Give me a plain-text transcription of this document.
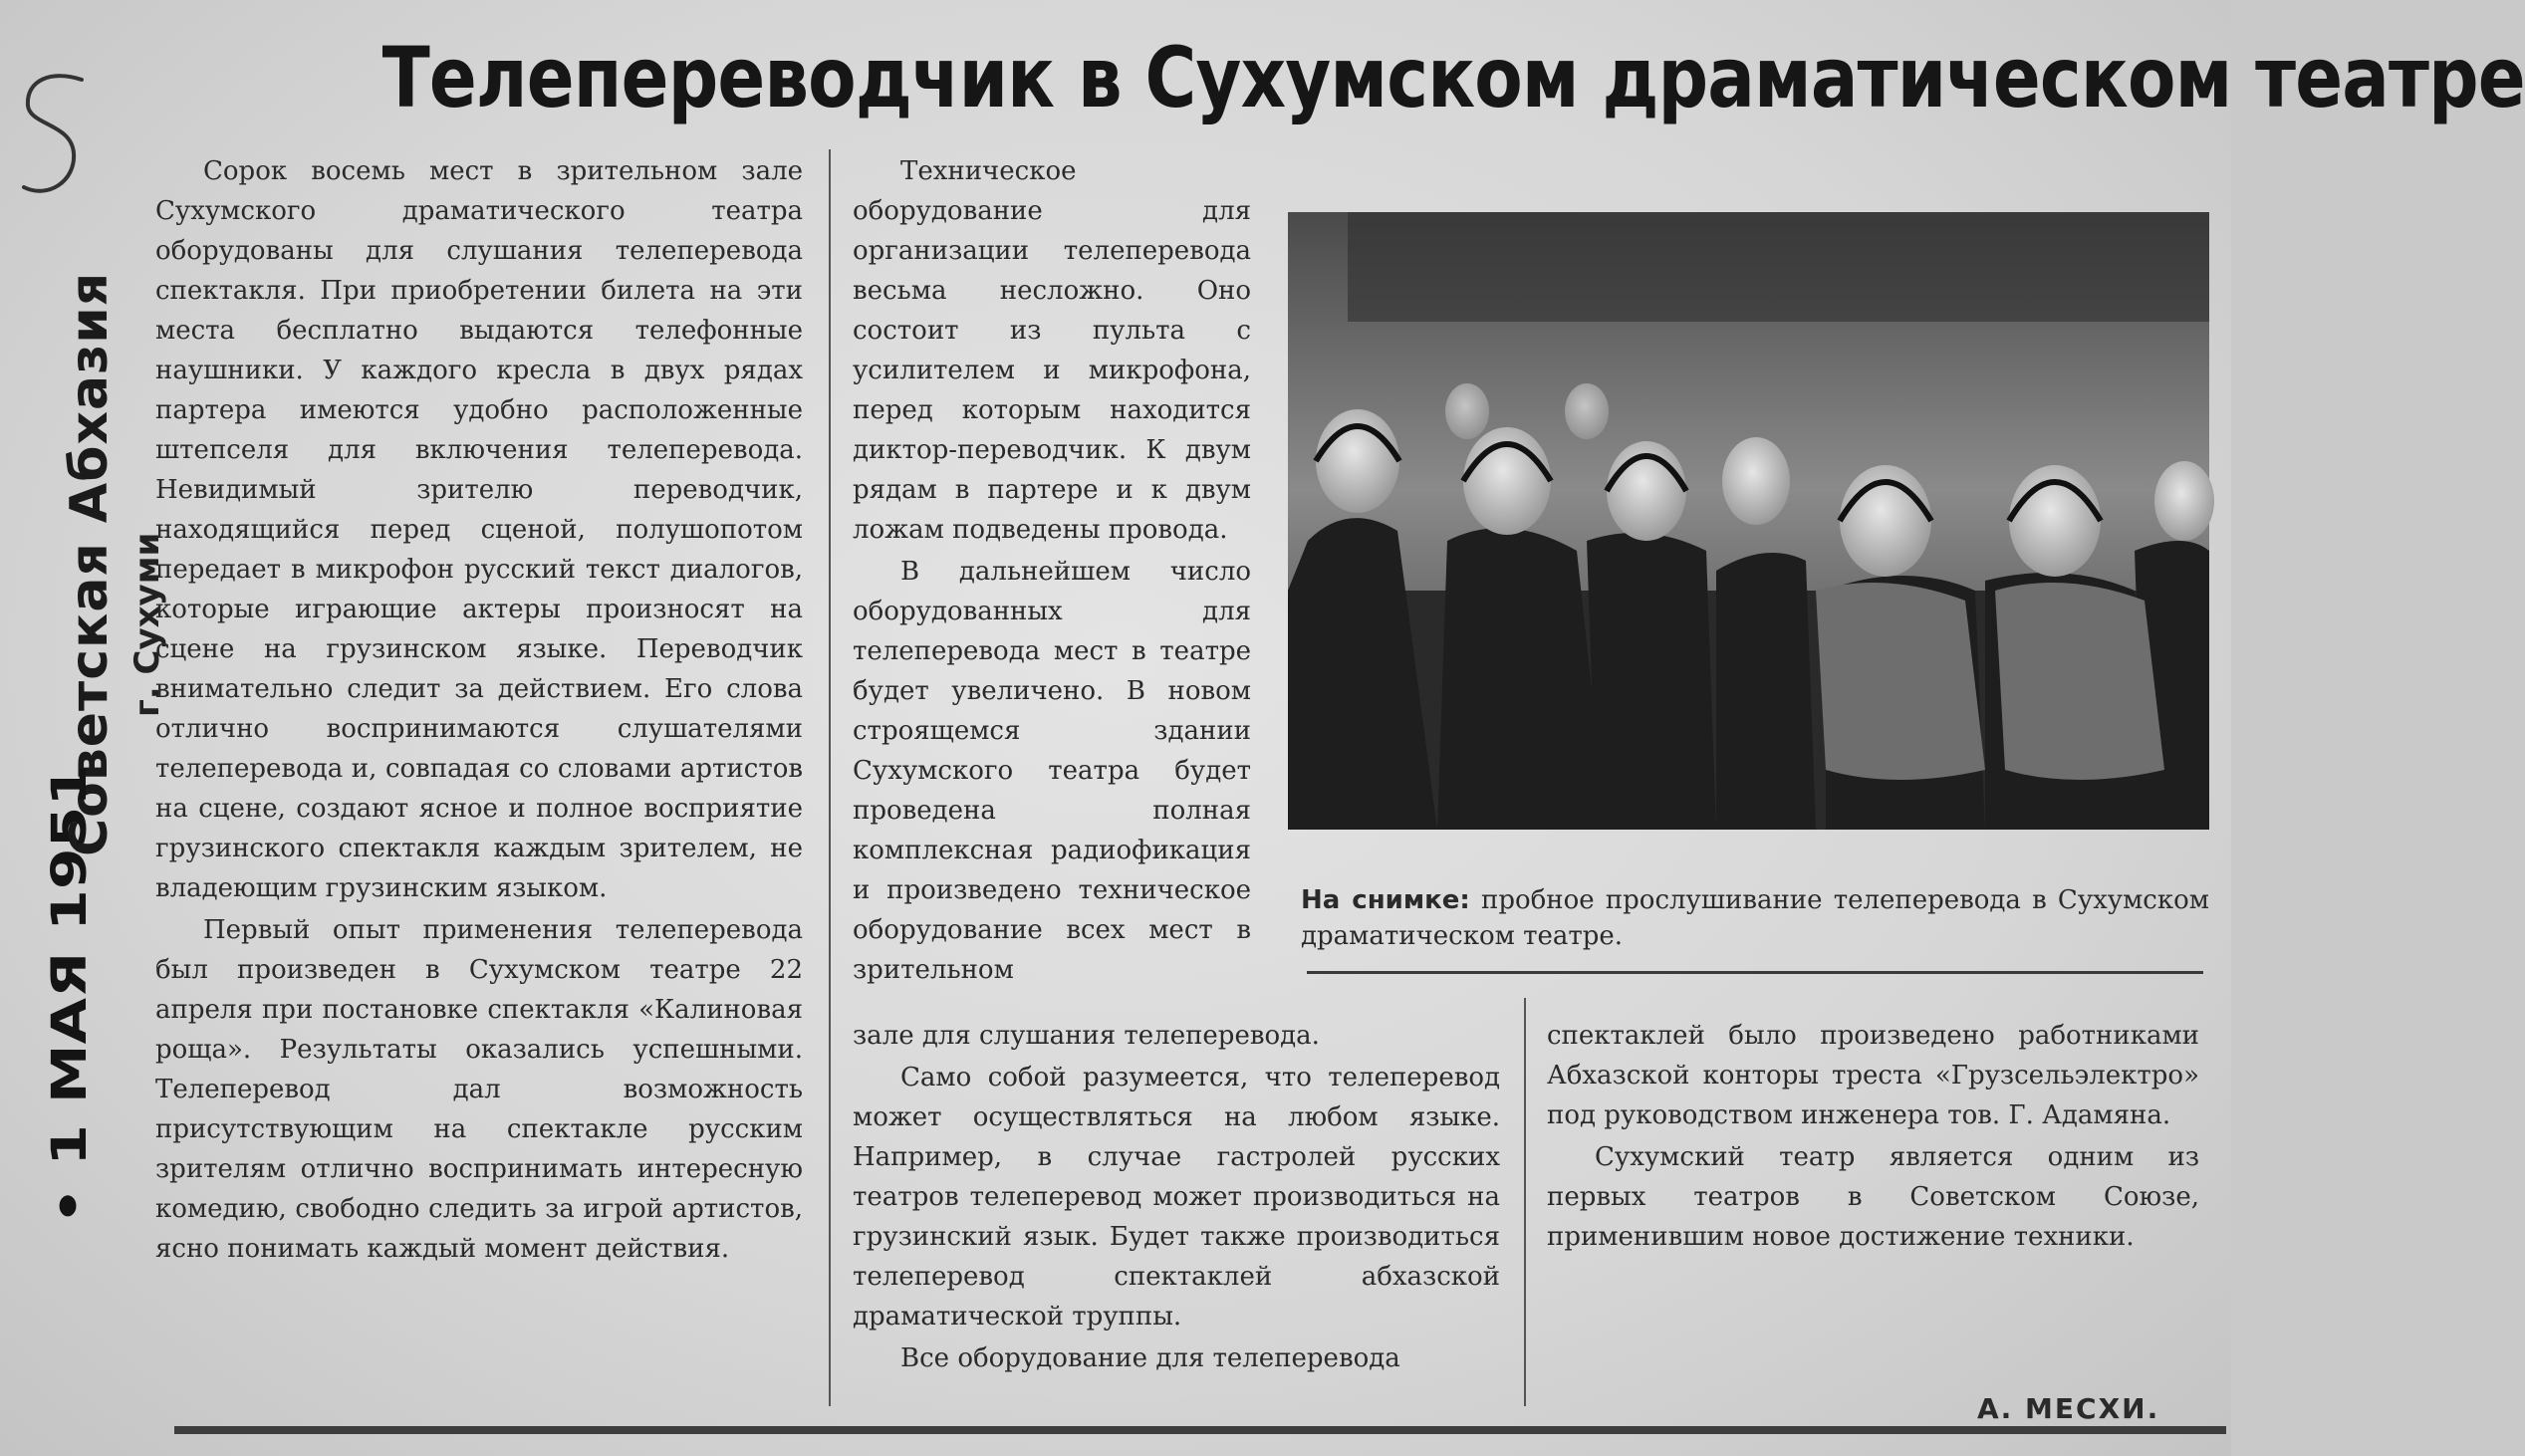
Советская Абхазия
• 1 МАЯ 1951
г. Сухуми
Телепереводчик в Сухумском драматическом театре

Сорок восемь мест в зрительном зале Сухумского драматического театра оборудованы для слушания телеперевода спектакля. При приобретении билета на эти места бесплатно выдаются телефонные наушники. У каждого кресла в двух рядах партера имеются удобно расположенные штепселя для включения телеперевода. Невидимый зрителю переводчик, находящийся перед сценой, полушопотом передает в микрофон русский текст диалогов, которые играющие актеры произносят на сцене на грузинском языке. Переводчик внимательно следит за действием. Его слова отлично воспринимаются слушателями телеперевода и, совпадая со словами артистов на сцене, создают ясное и полное восприятие грузинского спектакля каждым зрителем, не владеющим грузинским языком.

Первый опыт применения телеперевода был произведен в Сухумском театре 22 апреля при постановке спектакля «Калиновая роща». Результаты оказались успешными. Телеперевод дал возможность присутствующим на спектакле русским зрителям отлично воспринимать интересную комедию, свободно следить за игрой артистов, ясно понимать каждый момент действия.

Техническое оборудование для организации телеперевода весьма несложно. Оно состоит из пульта с усилителем и микрофона, перед которым находится диктор-переводчик. К двум рядам в партере и к двум ложам подведены провода.

В дальнейшем число оборудованных для телеперевода мест в театре будет увеличено. В новом строящемся здании Сухумского театра будет проведена полная комплексная радиофикация и произведено техническое оборудование всех мест в зрительном

На снимке: пробное прослушивание телеперевода в Сухумском драматическом театре.

зале для слушания телеперевода.

Само собой разумеется, что телеперевод может осуществляться на любом языке. Например, в случае гастролей русских театров телеперевод может производиться на грузинский язык. Будет также производиться телеперевод спектаклей абхазской драматической труппы.

Все оборудование для телеперевода

спектаклей было произведено работниками Абхазской конторы треста «Грузсельэлектро» под руководством инженера тов. Г. Адамяна.

Сухумский театр является одним из первых театров в Советском Союзе, применившим новое достижение техники.

А. МЕСХИ.
